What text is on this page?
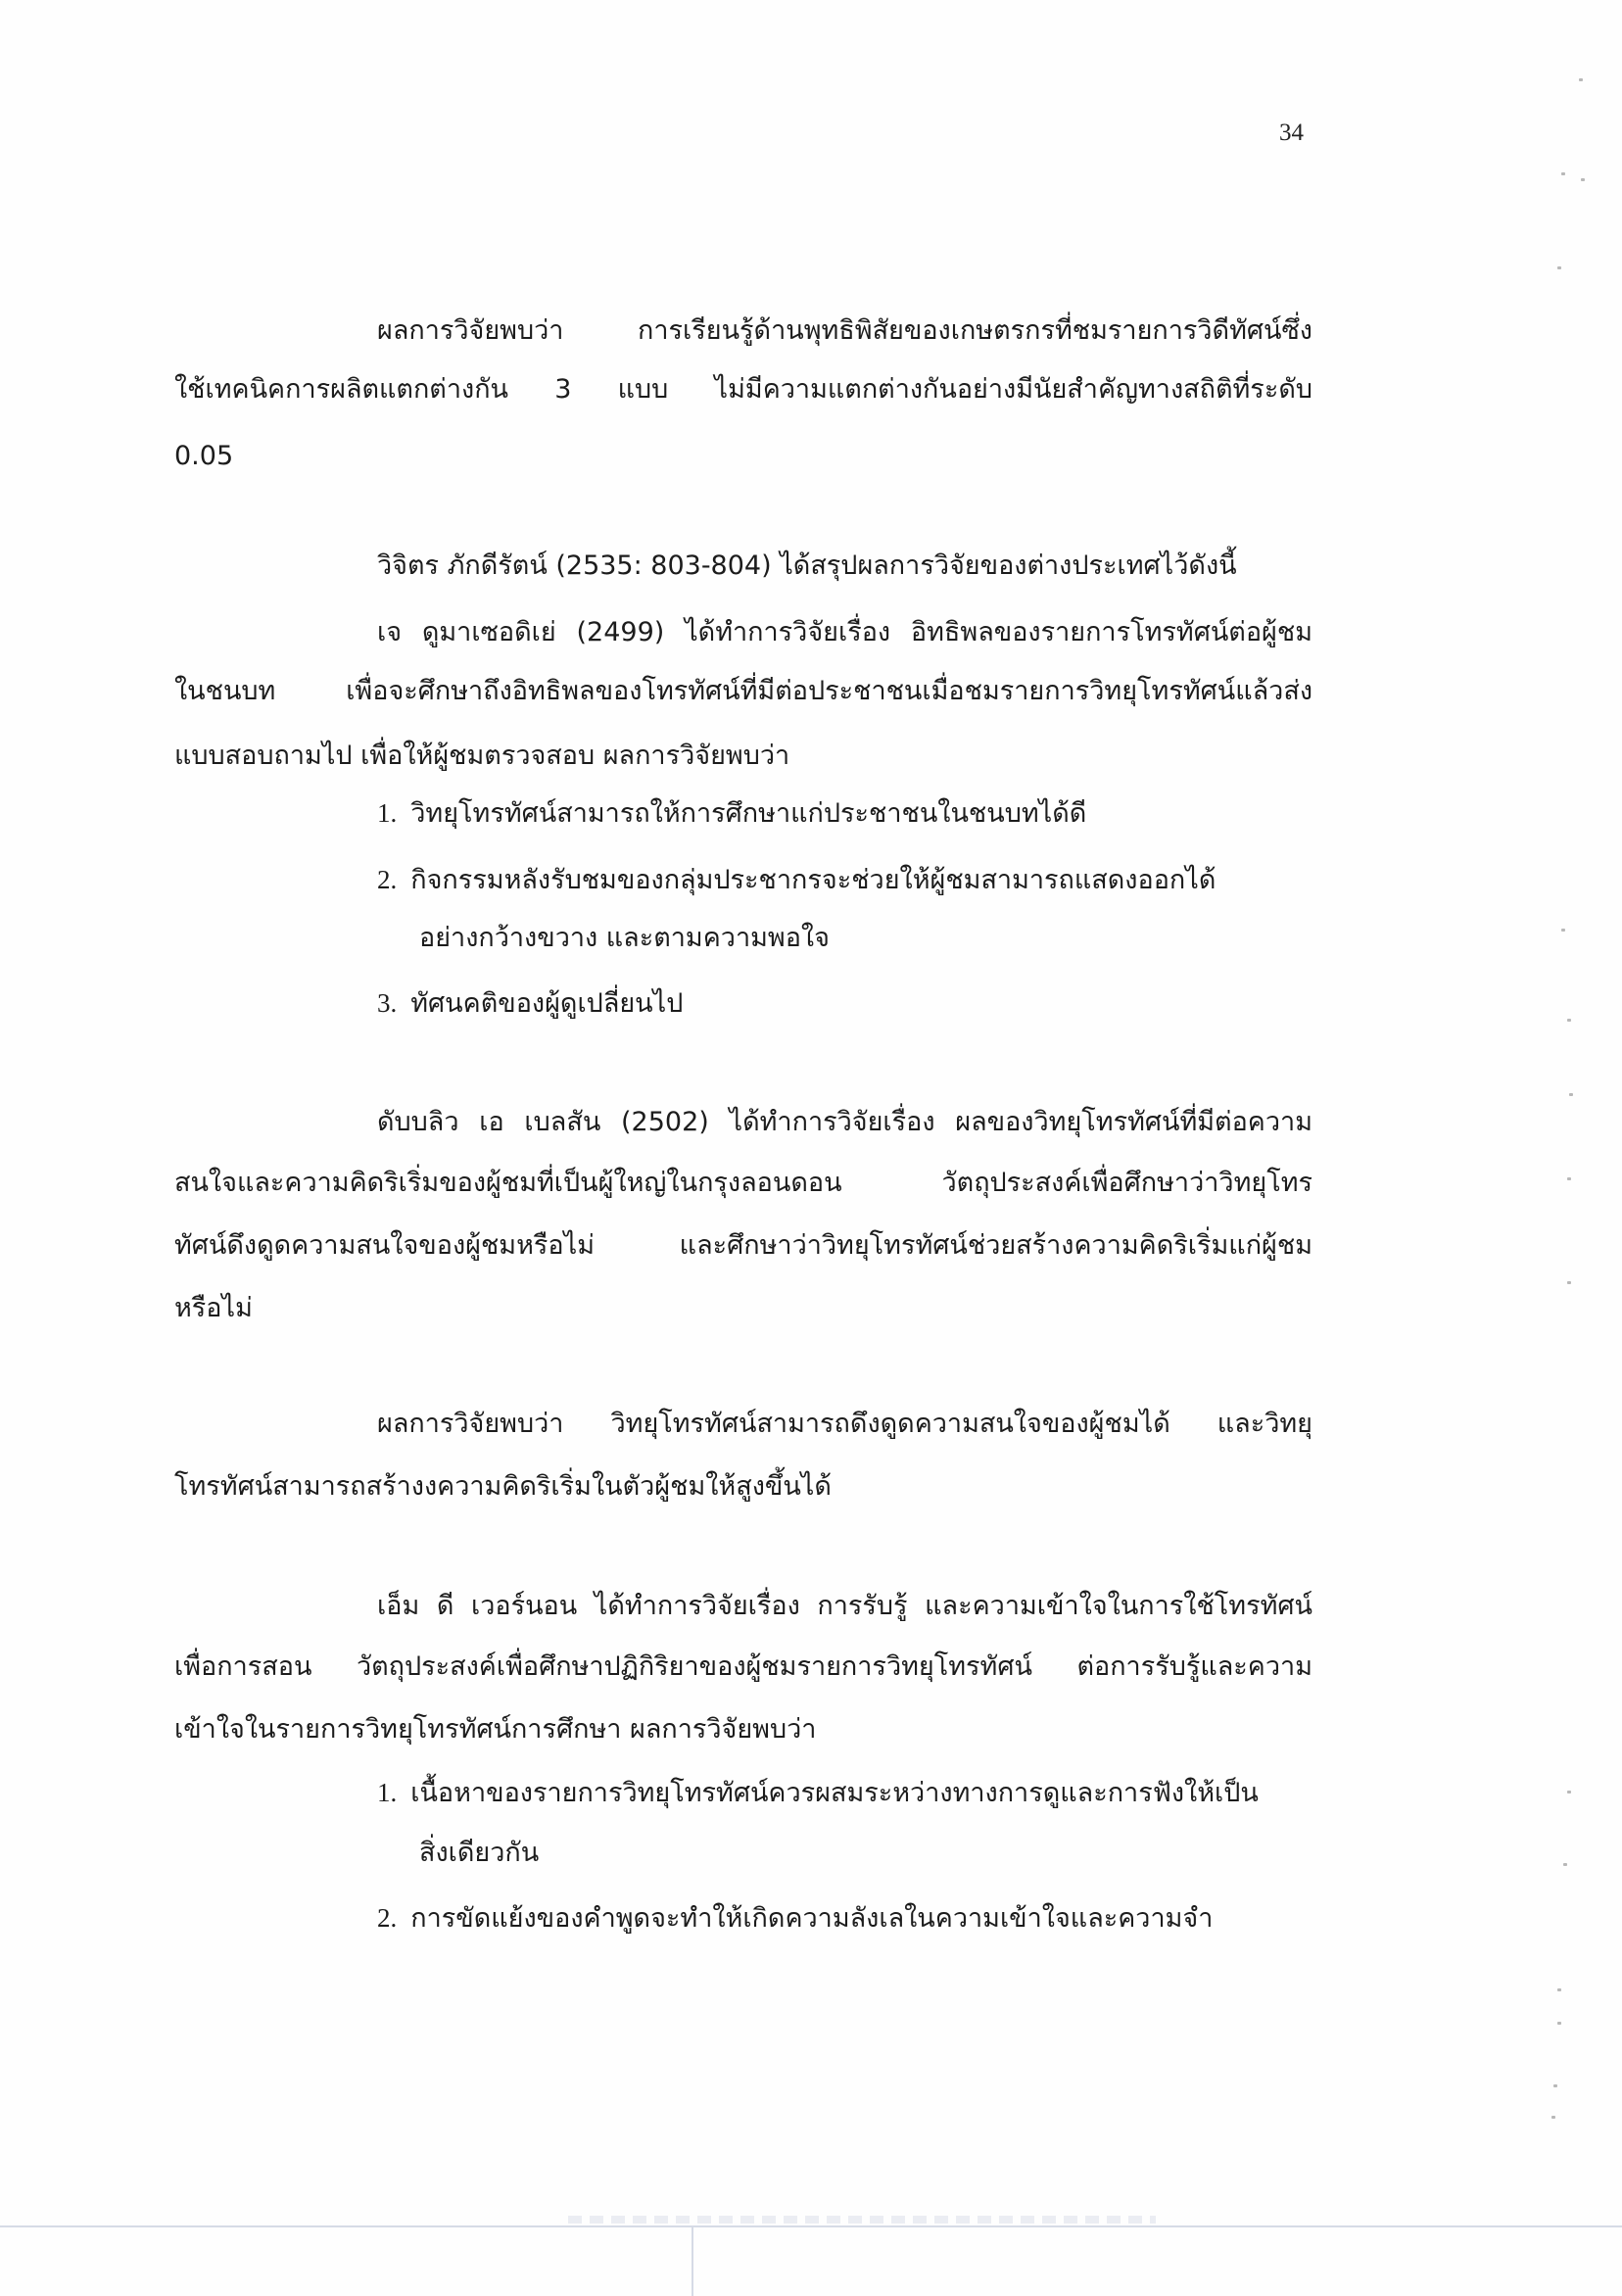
34
ผลการวิจัยพบว่า การเรียนรู้ด้านพุทธิพิสัยของเกษตรกรที่ชมรายการวิดีทัศน์ซึ่ง
ใช้เทคนิคการผลิตแตกต่างกัน 3 แบบ ไม่มีความแตกต่างกันอย่างมีนัยสำคัญทางสถิติที่ระดับ
0.05
วิจิตร ภักดีรัตน์ (2535: 803-804) ได้สรุปผลการวิจัยของต่างประเทศไว้ดังนี้
เจ ดูมาเซอดิเย่ (2499) ได้ทำการวิจัยเรื่อง อิทธิพลของรายการโทรทัศน์ต่อผู้ชม
ในชนบท เพื่อจะศึกษาถึงอิทธิพลของโทรทัศน์ที่มีต่อประชาชนเมื่อชมรายการวิทยุโทรทัศน์แล้วส่ง
แบบสอบถามไป เพื่อให้ผู้ชมตรวจสอบ ผลการวิจัยพบว่า
1. วิทยุโทรทัศน์สามารถให้การศึกษาแก่ประชาชนในชนบทได้ดี
2. กิจกรรมหลังรับชมของกลุ่มประชากรจะช่วยให้ผู้ชมสามารถแสดงออกได้
อย่างกว้างขวาง และตามความพอใจ
3. ทัศนคติของผู้ดูเปลี่ยนไป
ดับบลิว เอ เบลสัน (2502) ได้ทำการวิจัยเรื่อง ผลของวิทยุโทรทัศน์ที่มีต่อความ
สนใจและความคิดริเริ่มของผู้ชมที่เป็นผู้ใหญ่ในกรุงลอนดอน วัตถุประสงค์เพื่อศึกษาว่าวิทยุโทร
ทัศน์ดึงดูดความสนใจของผู้ชมหรือไม่ และศึกษาว่าวิทยุโทรทัศน์ช่วยสร้างความคิดริเริ่มแก่ผู้ชม
หรือไม่
ผลการวิจัยพบว่า วิทยุโทรทัศน์สามารถดึงดูดความสนใจของผู้ชมได้ และวิทยุ
โทรทัศน์สามารถสร้างงความคิดริเริ่มในตัวผู้ชมให้สูงขึ้นได้
เอ็ม ดี เวอร์นอน ได้ทำการวิจัยเรื่อง การรับรู้ และความเข้าใจในการใช้โทรทัศน์
เพื่อการสอน วัตถุประสงค์เพื่อศึกษาปฏิกิริยาของผู้ชมรายการวิทยุโทรทัศน์ ต่อการรับรู้และความ
เข้าใจในรายการวิทยุโทรทัศน์การศึกษา ผลการวิจัยพบว่า
1. เนื้อหาของรายการวิทยุโทรทัศน์ควรผสมระหว่างทางการดูและการฟังให้เป็น
สิ่งเดียวกัน
2. การขัดแย้งของคำพูดจะทำให้เกิดความลังเลในความเข้าใจและความจำ
